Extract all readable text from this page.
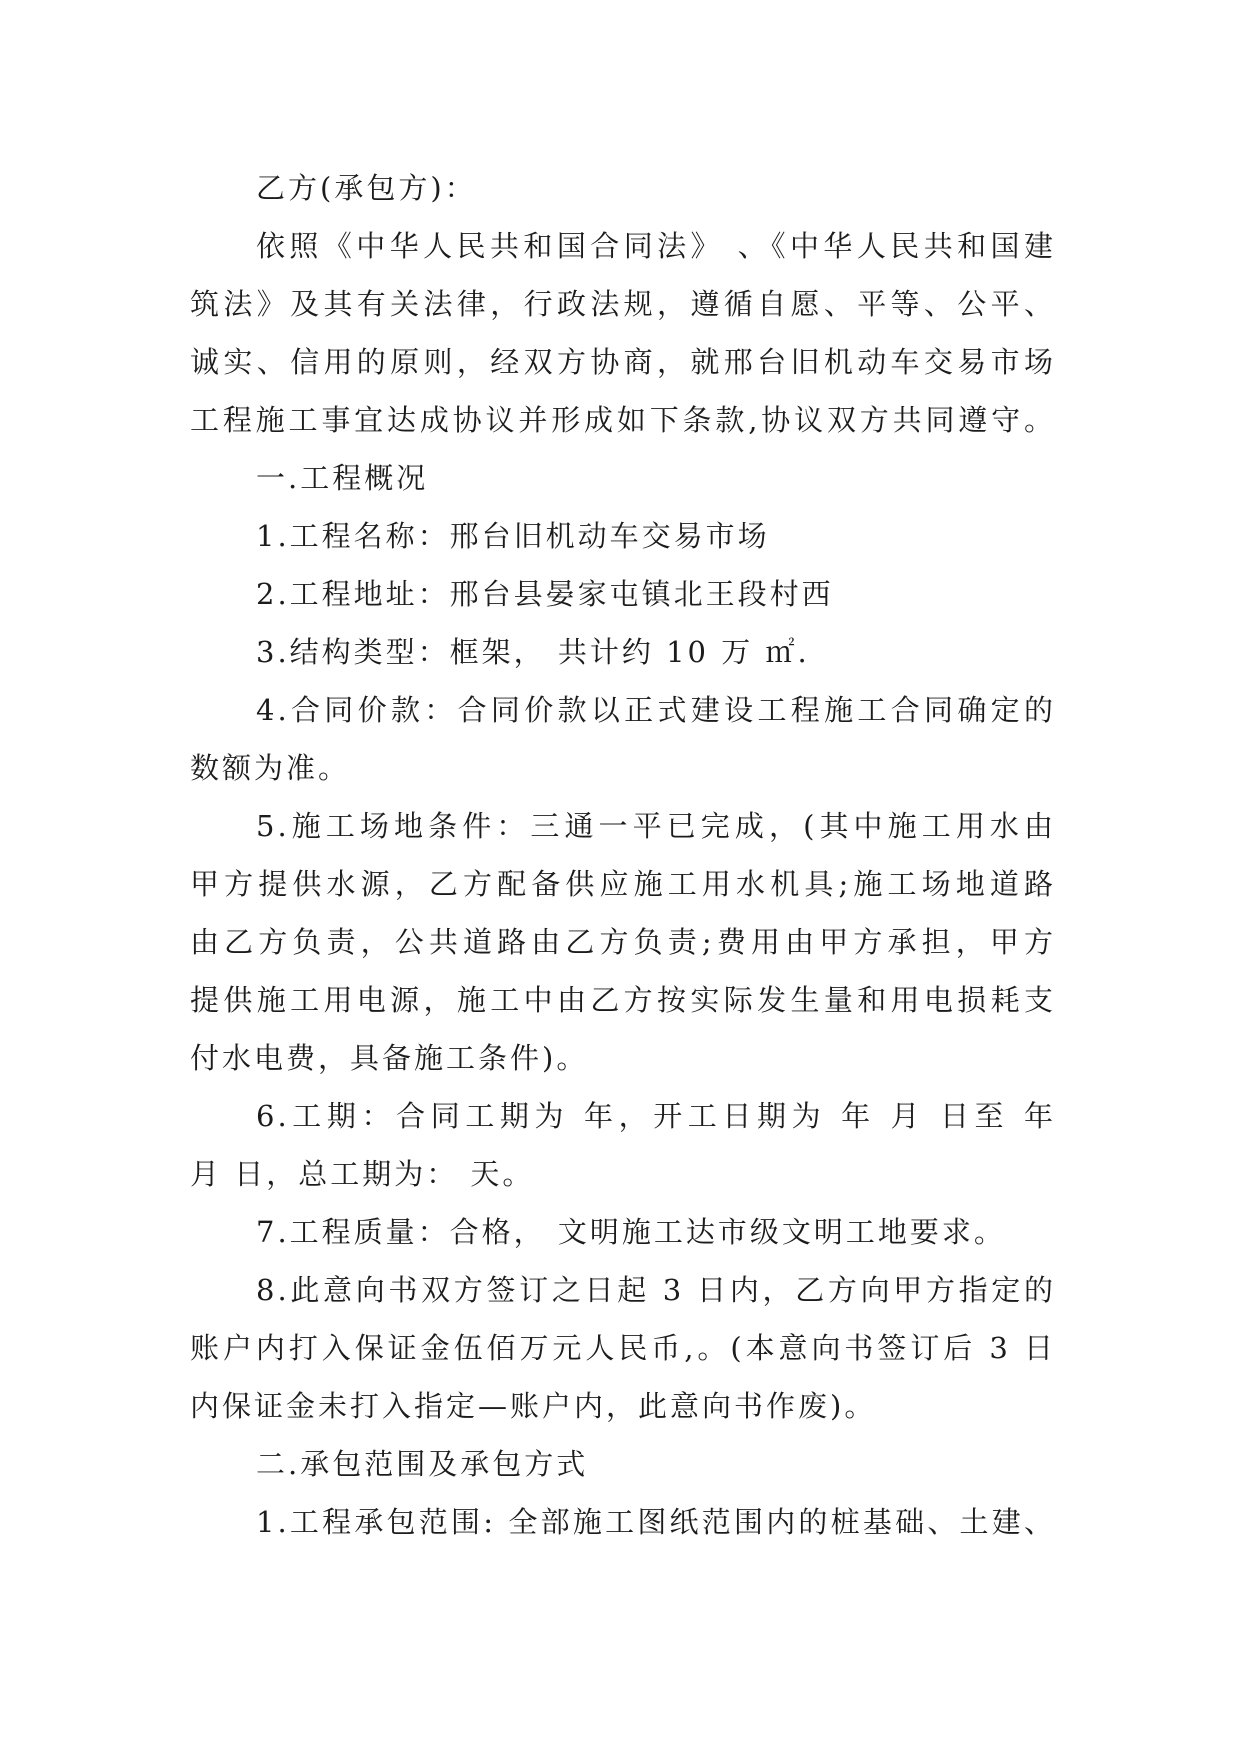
乙方(承包方)：
依照《中华人民共和国合同法》 、《中华人民共和国建
筑法》及其有关法律，行政法规，遵循自愿、平等、公平、
诚实、信用的原则，经双方协商，就邢台旧机动车交易市场
工程施工事宜达成协议并形成如下条款,协议双方共同遵守。
一.工程概况
1.工程名称：邢台旧机动车交易市场
2.工程地址：邢台县晏家屯镇北王段村西
3.结构类型：框架， 共计约 10 万 ㎡.
4.合同价款：合同价款以正式建设工程施工合同确定的
数额为准。
5.施工场地条件：三通一平已完成，(其中施工用水由
甲方提供水源，乙方配备供应施工用水机具;施工场地道路
由乙方负责，公共道路由乙方负责;费用由甲方承担，甲方
提供施工用电源，施工中由乙方按实际发生量和用电损耗支
付水电费，具备施工条件)。
6.工期：合同工期为 年，开工日期为 年 月 日至 年
月 日，总工期为： 天。
7.工程质量：合格， 文明施工达市级文明工地要求。
8.此意向书双方签订之日起 3 日内，乙方向甲方指定的
账户内打入保证金伍佰万元人民币,。(本意向书签订后 3 日
内保证金未打入指定—账户内，此意向书作废)。
二.承包范围及承包方式
1.工程承包范围: 全部施工图纸范围内的桩基础、土建、
